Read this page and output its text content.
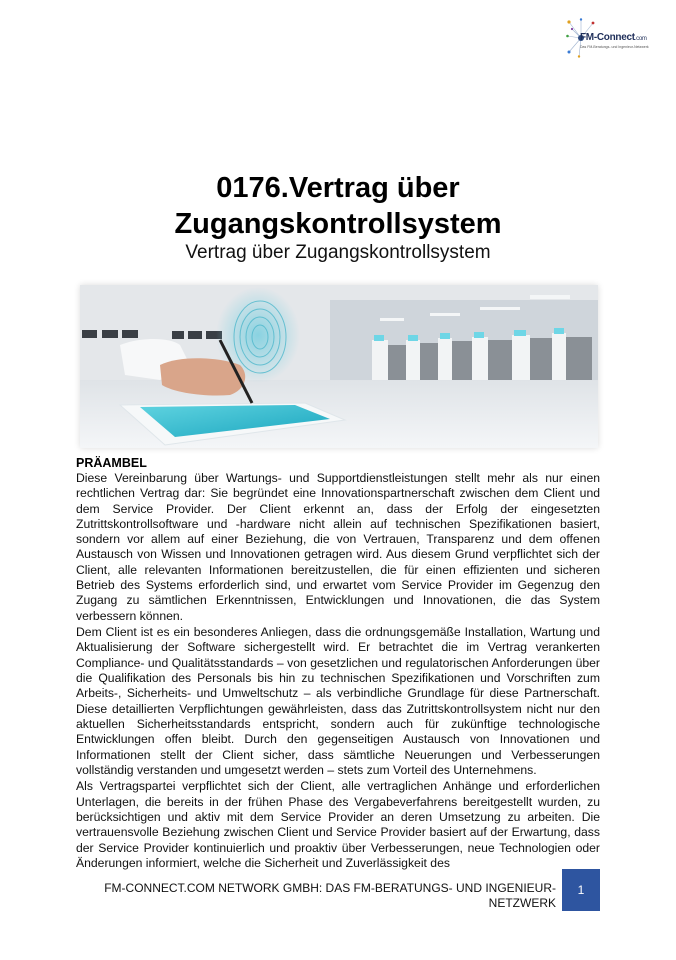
FM-Connect.com
Das FM-Beratungs- und Ingenieur-Netzwerk
0176.Vertrag über
Zugangskontrollsystem
Vertrag über Zugangskontrollsystem
PRÄAMBEL

Diese Vereinbarung über Wartungs- und Supportdienstleistungen stellt mehr als nur einen rechtlichen Vertrag dar: Sie begründet eine Innovationspartnerschaft zwischen dem Client und dem Service Provider. Der Client erkennt an, dass der Erfolg der eingesetzten Zutrittskontrollsoftware und -hardware nicht allein auf technischen Spezifikationen basiert, sondern vor allem auf einer Beziehung, die von Vertrauen, Transparenz und dem offenen Austausch von Wissen und Innovationen getragen wird. Aus diesem Grund verpflichtet sich der Client, alle relevanten Informationen bereitzustellen, die für einen effizienten und sicheren Betrieb des Systems erforderlich sind, und erwartet vom Service Provider im Gegenzug den Zugang zu sämtlichen Erkenntnissen, Entwicklungen und Innovationen, die das System verbessern können.

Dem Client ist es ein besonderes Anliegen, dass die ordnungsgemäße Installation, Wartung und Aktualisierung der Software sichergestellt wird. Er betrachtet die im Vertrag verankerten Compliance- und Qualitätsstandards – von gesetzlichen und regulatorischen Anforderungen über die Qualifikation des Personals bis hin zu technischen Spezifikationen und Vorschriften zum Arbeits-, Sicherheits- und Umweltschutz – als verbindliche Grundlage für diese Partnerschaft. Diese detaillierten Verpflichtungen gewährleisten, dass das Zutrittskontrollsystem nicht nur den aktuellen Sicherheitsstandards entspricht, sondern auch für zukünftige technologische Entwicklungen offen bleibt. Durch den gegenseitigen Austausch von Innovationen und Informationen stellt der Client sicher, dass sämtliche Neuerungen und Verbesserungen vollständig verstanden und umgesetzt werden – stets zum Vorteil des Unternehmens.

Als Vertragspartei verpflichtet sich der Client, alle vertraglichen Anhänge und erforderlichen Unterlagen, die bereits in der frühen Phase des Vergabeverfahrens bereitgestellt wurden, zu berücksichtigen und aktiv mit dem Service Provider an deren Umsetzung zu arbeiten. Die vertrauensvolle Beziehung zwischen Client und Service Provider basiert auf der Erwartung, dass der Service Provider kontinuierlich und proaktiv über Verbesserungen, neue Technologien oder Änderungen informiert, welche die Sicherheit und Zuverlässigkeit des

FM-CONNECT.COM NETWORK GMBH: DAS FM-BERATUNGS- UND INGENIEUR-
NETZWERK
1
